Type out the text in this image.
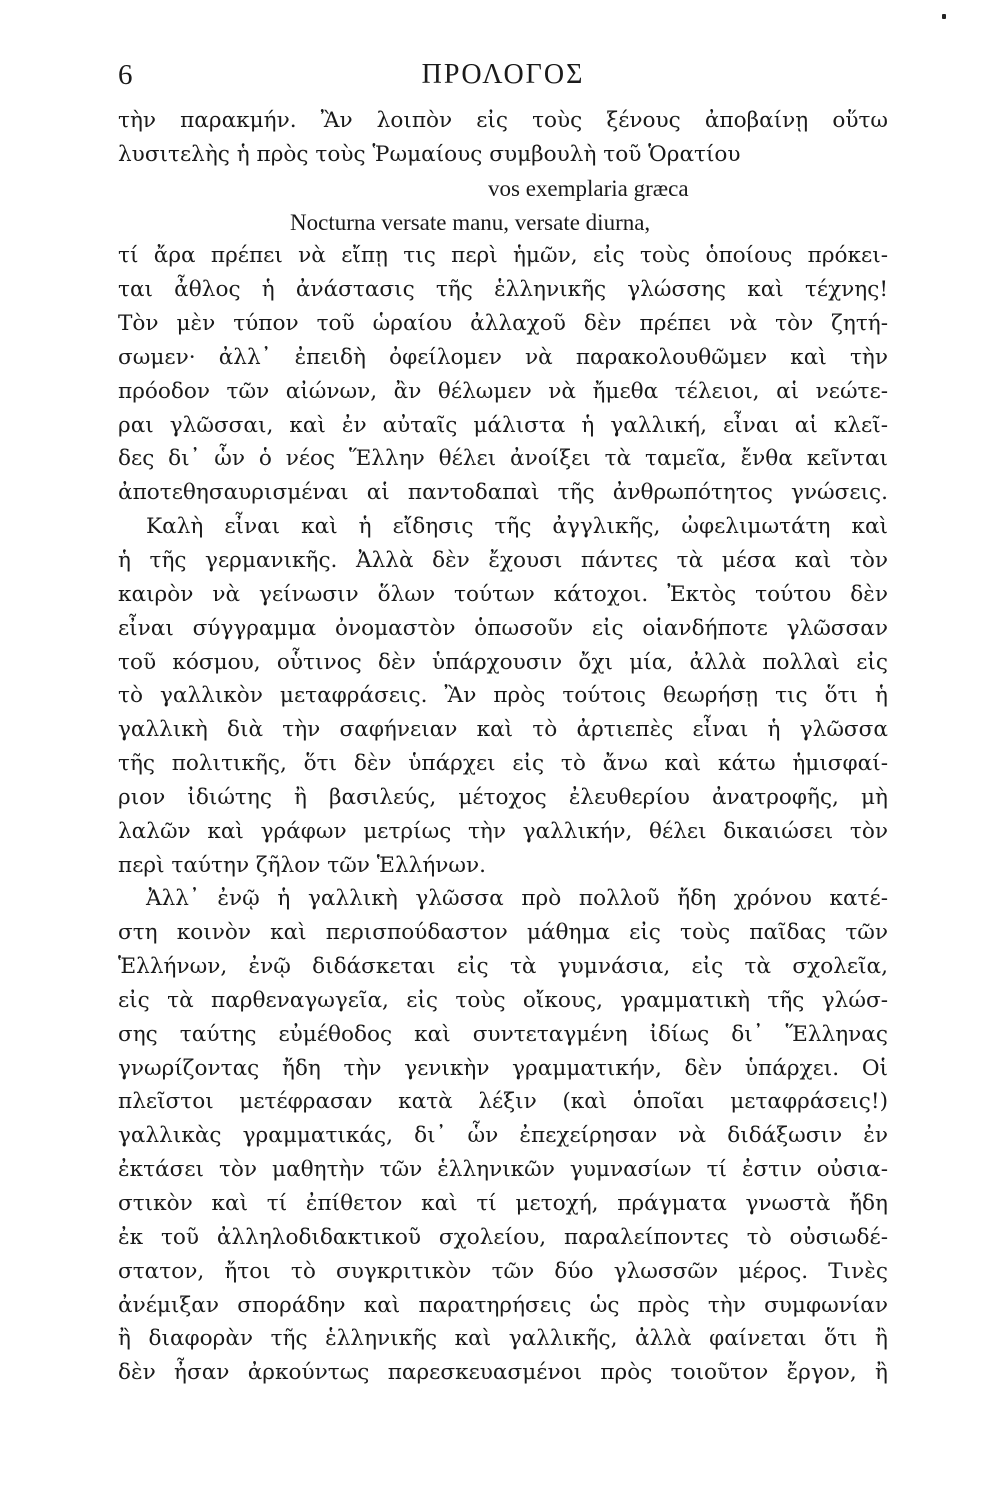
6	ΠΡΟΛΟΓΟΣ
τὴν παρακμήν. Ἂν λοιπὸν εἰς τοὺς ξένους ἀποβαίνῃ οὕτω
λυσιτελὴς ἡ πρὸς τοὺς Ῥωμαίους συμβουλὴ τοῦ Ὁρατίου
vos exemplaria græca
Nocturna versate manu, versate diurna,
τί ἄρα πρέπει νὰ εἴπῃ τις περὶ ἡμῶν, εἰς τοὺς ὁποίους πρόκει-
ται ἆθλος ἡ ἀνάστασις τῆς ἑλληνικῆς γλώσσης καὶ τέχνης!
Τὸν μὲν τύπον τοῦ ὡραίου ἀλλαχοῦ δὲν πρέπει νὰ τὸν ζητή-
σωμεν· ἀλλ᾿ ἐπειδὴ ὀφείλομεν νὰ παρακολουθῶμεν καὶ τὴν
πρόοδον τῶν αἰώνων, ἂν θέλωμεν νὰ ἤμεθα τέλειοι, αἱ νεώτε-
ραι γλῶσσαι, καὶ ἐν αὐταῖς μάλιστα ἡ γαλλική, εἶναι αἱ κλεῖ-
δες δι᾿ ὧν ὁ νέος Ἕλλην θέλει ἀνοίξει τὰ ταμεῖα, ἔνθα κεῖνται
ἀποτεθησαυρισμέναι αἱ παντοδαπαὶ τῆς ἀνθρωπότητος γνώσεις.
Καλὴ εἶναι καὶ ἡ εἴδησις τῆς ἀγγλικῆς, ὠφελιμωτάτη καὶ
ἡ τῆς γερμανικῆς. Ἀλλὰ δὲν ἔχουσι πάντες τὰ μέσα καὶ τὸν
καιρὸν νὰ γείνωσιν ὅλων τούτων κάτοχοι. Ἐκτὸς τούτου δὲν
εἶναι σύγγραμμα ὀνομαστὸν ὁπωσοῦν εἰς οἱανδήποτε γλῶσσαν
τοῦ κόσμου, οὗτινος δὲν ὑπάρχουσιν ὄχι μία, ἀλλὰ πολλαὶ εἰς
τὸ γαλλικὸν μεταφράσεις. Ἂν πρὸς τούτοις θεωρήσῃ τις ὅτι ἡ
γαλλικὴ διὰ τὴν σαφήνειαν καὶ τὸ ἀρτιεπὲς εἶναι ἡ γλῶσσα
τῆς πολιτικῆς, ὅτι δὲν ὑπάρχει εἰς τὸ ἄνω καὶ κάτω ἡμισφαί-
ριον ἰδιώτης ἢ βασιλεύς, μέτοχος ἐλευθερίου ἀνατροφῆς, μὴ
λαλῶν καὶ γράφων μετρίως τὴν γαλλικήν, θέλει δικαιώσει τὸν
περὶ ταύτην ζῆλον τῶν Ἑλλήνων.
Ἀλλ᾿ ἐνῷ ἡ γαλλικὴ γλῶσσα πρὸ πολλοῦ ἤδη χρόνου κατέ-
στη κοινὸν καὶ περισπούδαστον μάθημα εἰς τοὺς παῖδας τῶν
Ἑλλήνων, ἐνῷ διδάσκεται εἰς τὰ γυμνάσια, εἰς τὰ σχολεῖα,
εἰς τὰ παρθεναγωγεῖα, εἰς τοὺς οἴκους, γραμματικὴ τῆς γλώσ-
σης ταύτης εὐμέθοδος καὶ συντεταγμένη ἰδίως δι᾿ Ἕλληνας
γνωρίζοντας ἤδη τὴν γενικὴν γραμματικήν, δὲν ὑπάρχει. Οἱ
πλεῖστοι μετέφρασαν κατὰ λέξιν (καὶ ὁποῖαι μεταφράσεις!)
γαλλικὰς γραμματικάς, δι᾿ ὧν ἐπεχείρησαν νὰ διδάξωσιν ἐν
ἐκτάσει τὸν μαθητὴν τῶν ἑλληνικῶν γυμνασίων τί ἐστιν οὐσια-
στικὸν καὶ τί ἐπίθετον καὶ τί μετοχή, πράγματα γνωστὰ ἤδη
ἐκ τοῦ ἀλληλοδιδακτικοῦ σχολείου, παραλείποντες τὸ οὐσιωδέ-
στατον, ἤτοι τὸ συγκριτικὸν τῶν δύο γλωσσῶν μέρος. Τινὲς
ἀνέμιξαν σποράδην καὶ παρατηρήσεις ὡς πρὸς τὴν συμφωνίαν
ἢ διαφορὰν τῆς ἑλληνικῆς καὶ γαλλικῆς, ἀλλὰ φαίνεται ὅτι ἢ
δὲν ἦσαν ἀρκούντως παρεσκευασμένοι πρὸς τοιοῦτον ἔργον, ἢ
